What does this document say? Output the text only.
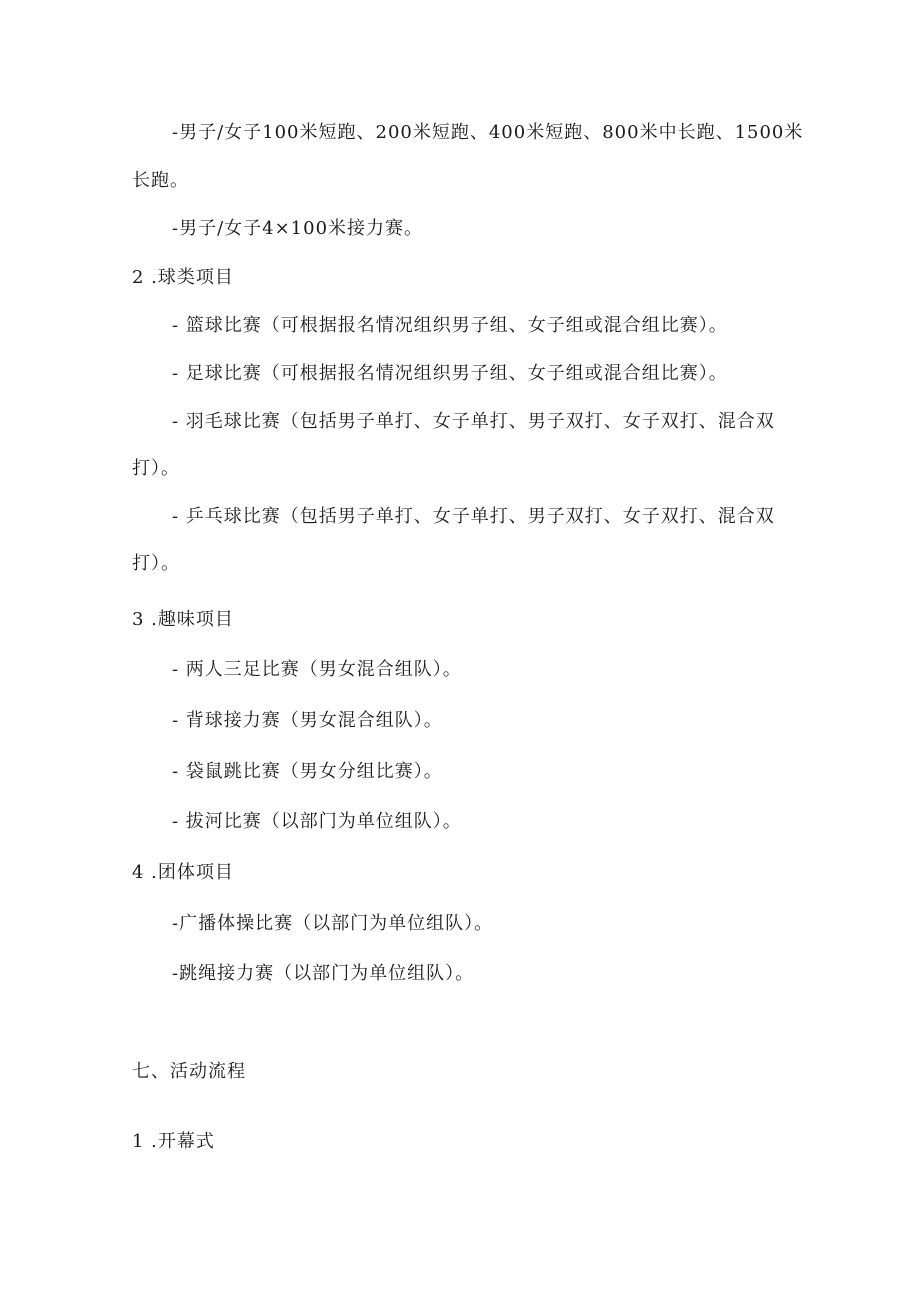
-男子/女子100米短跑、200米短跑、400米短跑、800米中长跑、1500米
长跑。
-男子/女子4×100米接力赛。
2 .球类项目
- 篮球比赛（可根据报名情况组织男子组、女子组或混合组比赛）。
- 足球比赛（可根据报名情况组织男子组、女子组或混合组比赛）。
- 羽毛球比赛（包括男子单打、女子单打、男子双打、女子双打、混合双
打）。
- 乒乓球比赛（包括男子单打、女子单打、男子双打、女子双打、混合双
打）。
3 .趣味项目
- 两人三足比赛（男女混合组队）。
- 背球接力赛（男女混合组队）。
- 袋鼠跳比赛（男女分组比赛）。
- 拔河比赛（以部门为单位组队）。
4 .团体项目
-广播体操比赛（以部门为单位组队）。
-跳绳接力赛（以部门为单位组队）。
七、活动流程
1 .开幕式
